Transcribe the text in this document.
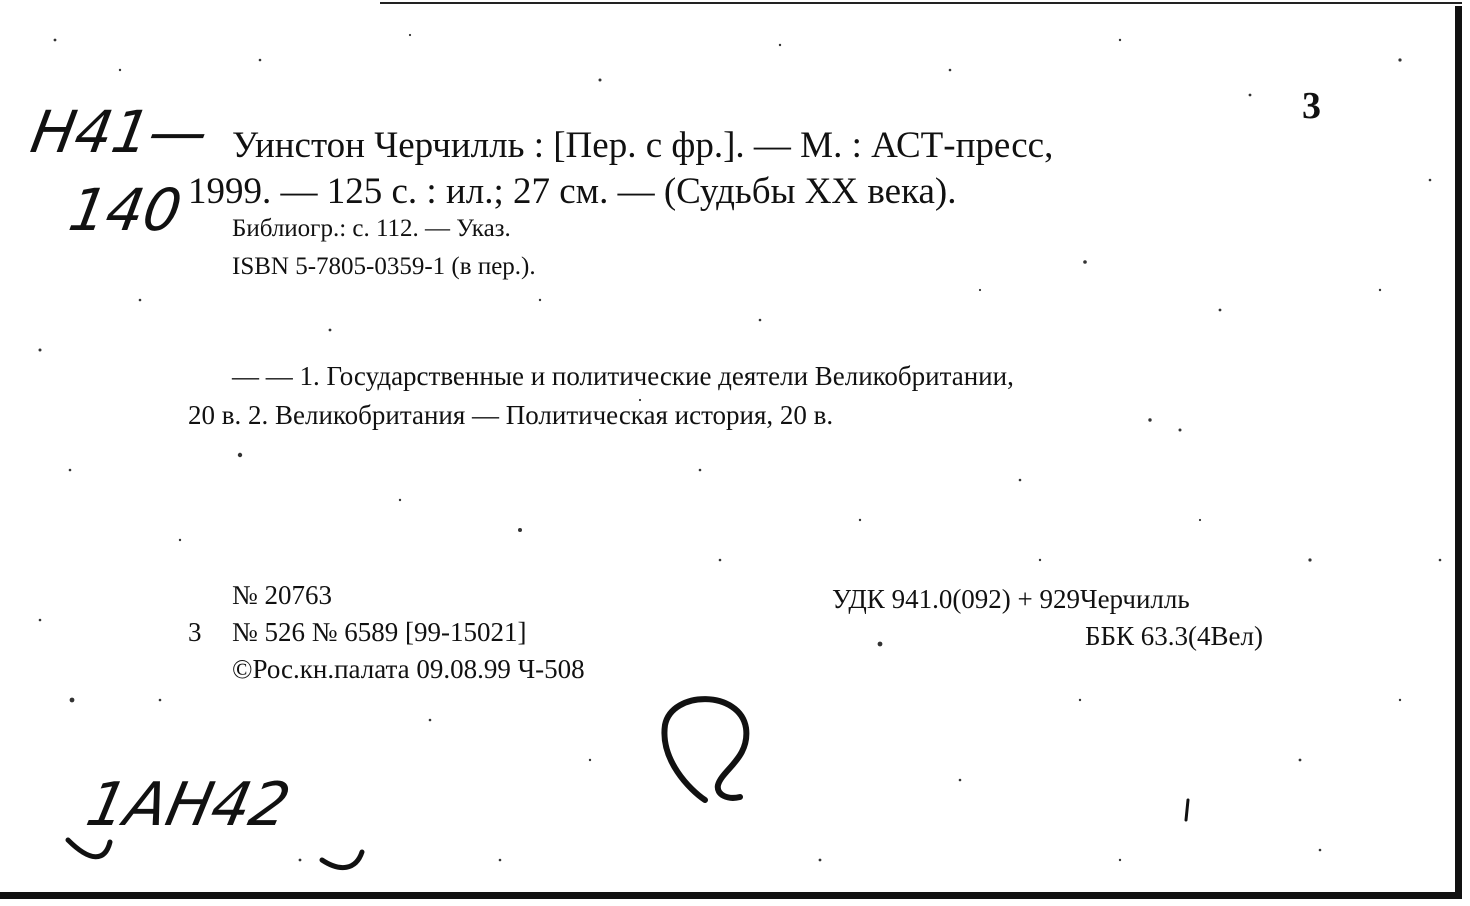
3
Уинстон Черчилль : [Пер. с фр.]. — М. : АСТ-пресс,
1999. — 125 с. : ил.; 27 см. — (Судьбы XX века).
Библиогр.: с. 112. — Указ.
ISBN 5-7805-0359-1 (в пер.).
— — 1. Государственные и политические деятели Великобритании,
20 в. 2. Великобритания — Политическая история, 20 в.
№ 20763
3 № 526 № 6589 [99-15021]
©Рос.кн.палата 09.08.99 Ч-508
УДК 941.0(092) + 929Черчилль
ББК 63.3(4Вел)
Н41—
140
1АН42
